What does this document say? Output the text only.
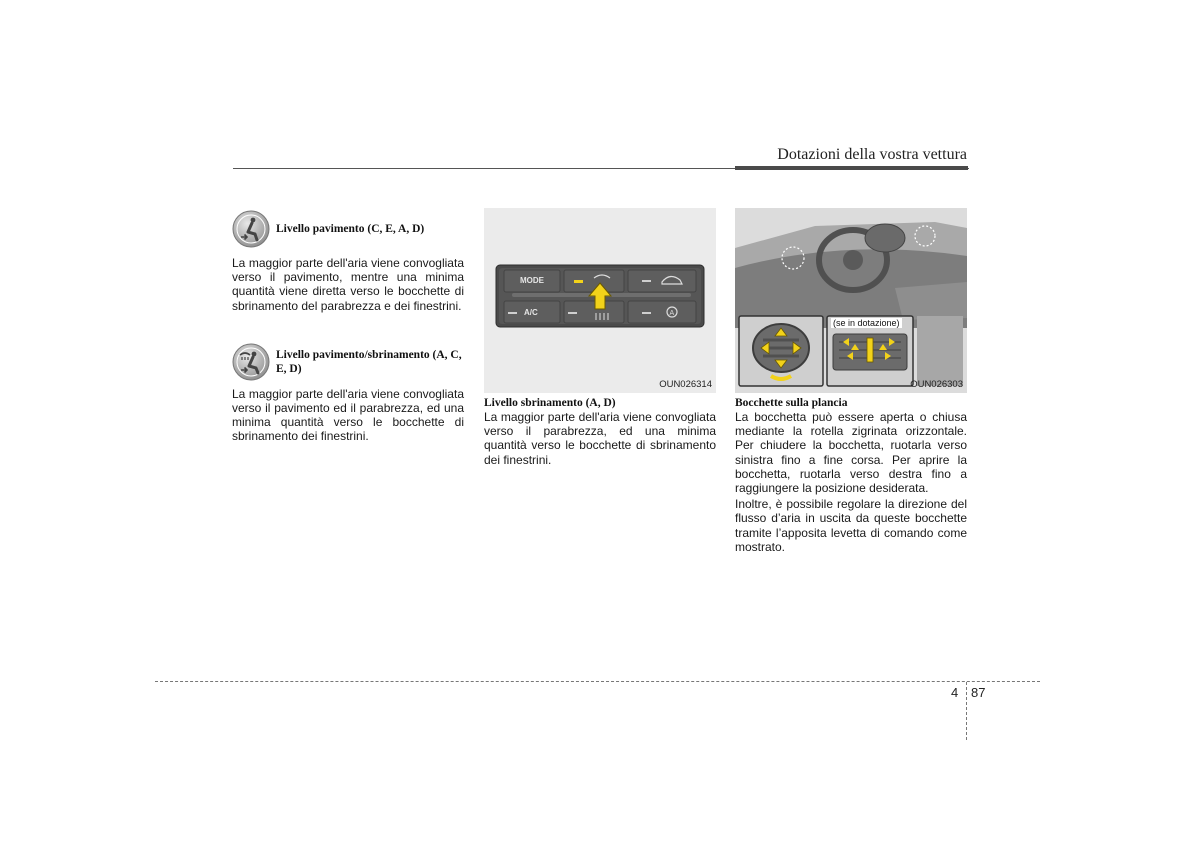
Dotazioni della vostra vettura
Livello pavimento (C, E, A, D)

La maggior parte dell'aria viene convogliata verso il pavimento, mentre una minima quantità viene diretta verso le bocchette di sbrinamento del parabrezza e dei finestrini.

Livello pavimento/sbrinamento (A, C, E, D)

La maggior parte dell'aria viene convogliata verso il pavimento ed il parabrezza, ed una minima quantità verso le bocchette di sbrinamento dei finestrini.

A
MODE
A/C
OUN026314
Livello sbrinamento (A, D)

La maggior parte dell'aria viene convogliata verso il parabrezza, ed una minima quantità verso le bocchette di sbrinamento dei finestrini.

(se in dotazione)
OUN026303
Bocchette sulla plancia

La bocchetta può essere aperta o chiusa mediante la rotella zigrinata orizzontale. Per chiudere la bocchetta, ruotarla verso sinistra fino a fine corsa. Per aprire la bocchetta, ruotarla verso destra fino a raggiungere la posizione desiderata.

Inoltre, è possibile regolare la direzione del flusso d’aria in uscita da queste bocchette tramite l’apposita levetta di comando come mostrato.

4 87
